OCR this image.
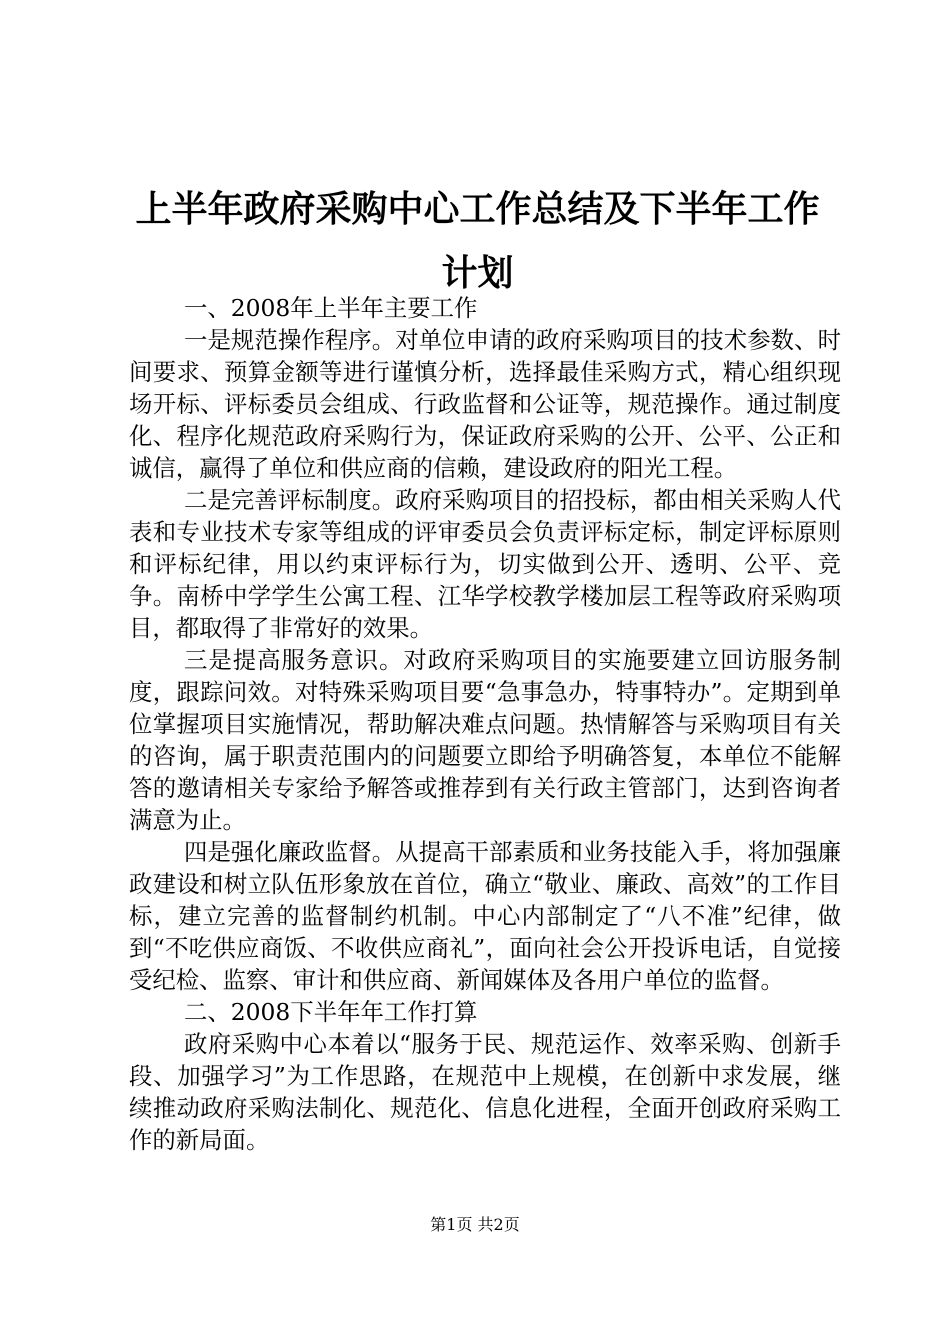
上半年政府采购中心工作总结及下半年工作计划

一、2008年上半年主要工作

一是规范操作程序。对单位申请的政府采购项目的技术参数、时间要求、预算金额等进行谨慎分析，选择最佳采购方式，精心组织现场开标、评标委员会组成、行政监督和公证等，规范操作。通过制度化、程序化规范政府采购行为，保证政府采购的公开、公平、公正和诚信，赢得了单位和供应商的信赖，建设政府的阳光工程。

二是完善评标制度。政府采购项目的招投标，都由相关采购人代表和专业技术专家等组成的评审委员会负责评标定标，制定评标原则和评标纪律，用以约束评标行为，切实做到公开、透明、公平、竞争。南桥中学学生公寓工程、江华学校教学楼加层工程等政府采购项目，都取得了非常好的效果。

三是提高服务意识。对政府采购项目的实施要建立回访服务制度，跟踪问效。对特殊采购项目要“急事急办，特事特办”。定期到单位掌握项目实施情况，帮助解决难点问题。热情解答与采购项目有关的咨询，属于职责范围内的问题要立即给予明确答复，本单位不能解答的邀请相关专家给予解答或推荐到有关行政主管部门，达到咨询者满意为止。

四是强化廉政监督。从提高干部素质和业务技能入手，将加强廉政建设和树立队伍形象放在首位，确立“敬业、廉政、高效”的工作目标，建立完善的监督制约机制。中心内部制定了“八不准”纪律，做到“不吃供应商饭、不收供应商礼”，面向社会公开投诉电话，自觉接受纪检、监察、审计和供应商、新闻媒体及各用户单位的监督。

二、2008下半年年工作打算

政府采购中心本着以“服务于民、规范运作、效率采购、创新手段、加强学习”为工作思路，在规范中上规模，在创新中求发展，继续推动政府采购法制化、规范化、信息化进程，全面开创政府采购工作的新局面。

第1页 共2页
